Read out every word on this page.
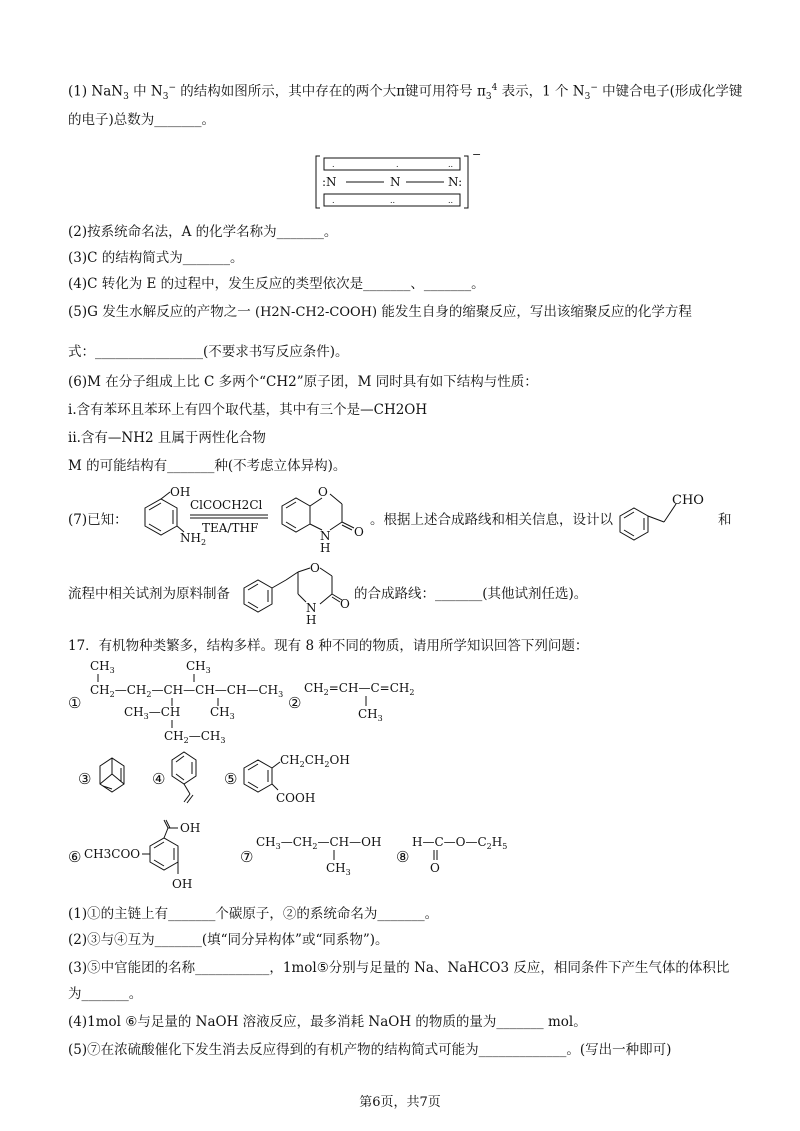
(1) NaN$_3$ 中 $N_3^-$ 的结构如图所示，其中存在的两个大π键可用符号 $\pi_3^4$ 表示，1 个 $N_3^-$ 中键合电子(形成化学键
的电子)总数为_______。
.	.	..
.	..	..
:N	N	N:
−
(2)按系统命名法，A 的化学名称为_______。
(3)C 的结构简式为_______。
(4)C 转化为 E 的过程中，发生反应的类型依次是_______、_______。
(5)G 发生水解反应的产物之一 (H2N-CH2-COOH) 能发生自身的缩聚反应，写出该缩聚反应的化学方程
式：________________(不要求书写反应条件)。
(6)M 在分子组成上比 C 多两个“CH2”原子团，M 同时具有如下结构与性质：
i.含有苯环且苯环上有四个取代基，其中有三个是—CH2OH
ii.含有—NH2 且属于两性化合物
M 的可能结构有_______种(不考虑立体异构)。
(7)已知：
OH
$NH_2$
ClCOCH2Cl
TEA/THF
O
O
N
H
。根据上述合成路线和相关信息，设计以
CHO
和
流程中相关试剂为原料制备
O
O
N
H
的合成路线：_______(其他试剂任选)。
17．有机物种类繁多，结构多样。现有 8 种不同的物质，请用所学知识回答下列问题：
①
$CH_3$	$CH_3$
$CH_2—CH_2—CH—CH—CH—CH_3$
$CH_3—CH$ $CH_3$
$CH_2—CH_3$
②
$CH_2=CH—C=CH_2$
$CH_3$
③	④	⑤
$CH_2CH_2OH$
COOH
⑥ CH3COO
OH
OH
⑦
$CH_3—CH_2—CH—OH$
$CH_3$
⑧
$H—C—O—C_2H_5$
O
(1)①的主链上有_______个碳原子，②的系统命名为_______。
(2)③与④互为_______(填“同分异构体”或“同系物”)。
(3)⑤中官能团的名称___________，1mol⑤分别与足量的 Na、NaHCO3 反应，相同条件下产生气体的体积比
为_______。
(4)1mol ⑥与足量的 NaOH 溶液反应，最多消耗 NaOH 的物质的量为_______ mol。
(5)⑦在浓硫酸催化下发生消去反应得到的有机产物的结构简式可能为_____________。(写出一种即可)
第6页，共7页
